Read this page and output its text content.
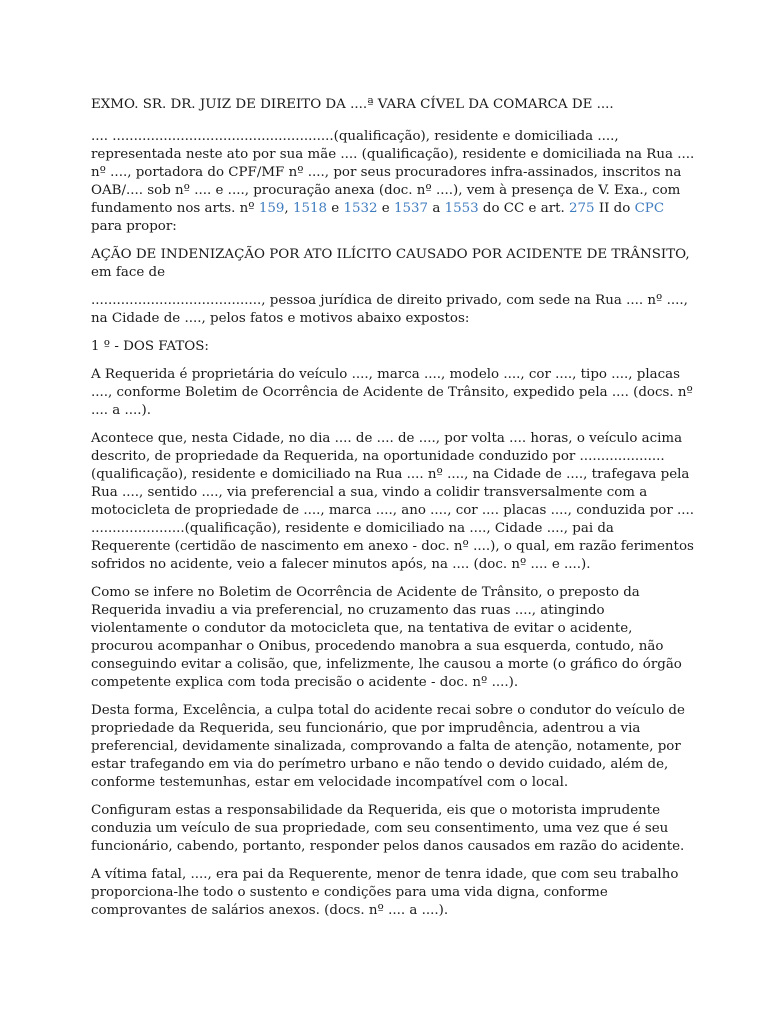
EXMO. SR. DR. JUIZ DE DIREITO DA ....ª VARA CÍVEL DA COMARCA DE ....

.... ....................................................(qualificação), residente e domiciliada ...., representada neste ato por sua mãe .... (qualificação), residente e domiciliada na Rua .... nº ...., portadora do CPF/MF nº ...., por seus procuradores infra-assinados, inscritos na OAB/.... sob nº .... e ...., procuração anexa (doc. nº ....), vem à presença de V. Exa., com fundamento nos arts. nº 159, 1518 e 1532 e 1537 a 1553 do CC e art. 275 II do CPC para propor:

AÇÃO DE INDENIZAÇÃO POR ATO ILÍCITO CAUSADO POR ACIDENTE DE TRÂNSITO, em face de

........................................, pessoa jurídica de direito privado, com sede na Rua .... nº ...., na Cidade de ...., pelos fatos e motivos abaixo expostos:

1 º - DOS FATOS:

A Requerida é proprietária do veículo ...., marca ...., modelo ...., cor ...., tipo ...., placas ...., conforme Boletim de Ocorrência de Acidente de Trânsito, expedido pela .... (docs. nº .... a ....).

Acontece que, nesta Cidade, no dia .... de .... de ...., por volta .... horas, o veículo acima descrito, de propriedade da Requerida, na oportunidade conduzido por .................... (qualificação), residente e domiciliado na Rua .... nº ...., na Cidade de ...., trafegava pela Rua ...., sentido ...., via preferencial a sua, vindo a colidir transversalmente com a motocicleta de propriedade de ...., marca ...., ano ...., cor .... placas ...., conduzida por .... ......................(qualificação), residente e domiciliado na ...., Cidade ...., pai da Requerente (certidão de nascimento em anexo - doc. nº ....), o qual, em razão ferimentos sofridos no acidente, veio a falecer minutos após, na .... (doc. nº .... e ....).

Como se infere no Boletim de Ocorrência de Acidente de Trânsito, o preposto da Requerida invadiu a via preferencial, no cruzamento das ruas ...., atingindo violentamente o condutor da motocicleta que, na tentativa de evitar o acidente, procurou acompanhar o Onibus, procedendo manobra a sua esquerda, contudo, não conseguindo evitar a colisão, que, infelizmente, lhe causou a morte (o gráfico do órgão competente explica com toda precisão o acidente - doc. nº ....).

Desta forma, Excelência, a culpa total do acidente recai sobre o condutor do veículo de propriedade da Requerida, seu funcionário, que por imprudência, adentrou a via preferencial, devidamente sinalizada, comprovando a falta de atenção, notamente, por estar trafegando em via do perímetro urbano e não tendo o devido cuidado, além de, conforme testemunhas, estar em velocidade incompatível com o local.

Configuram estas a responsabilidade da Requerida, eis que o motorista imprudente conduzia um veículo de sua propriedade, com seu consentimento, uma vez que é seu funcionário, cabendo, portanto, responder pelos danos causados em razão do acidente.

A vítima fatal, ...., era pai da Requerente, menor de tenra idade, que com seu trabalho proporciona-lhe todo o sustento e condições para uma vida digna, conforme comprovantes de salários anexos. (docs. nº .... a ....).
